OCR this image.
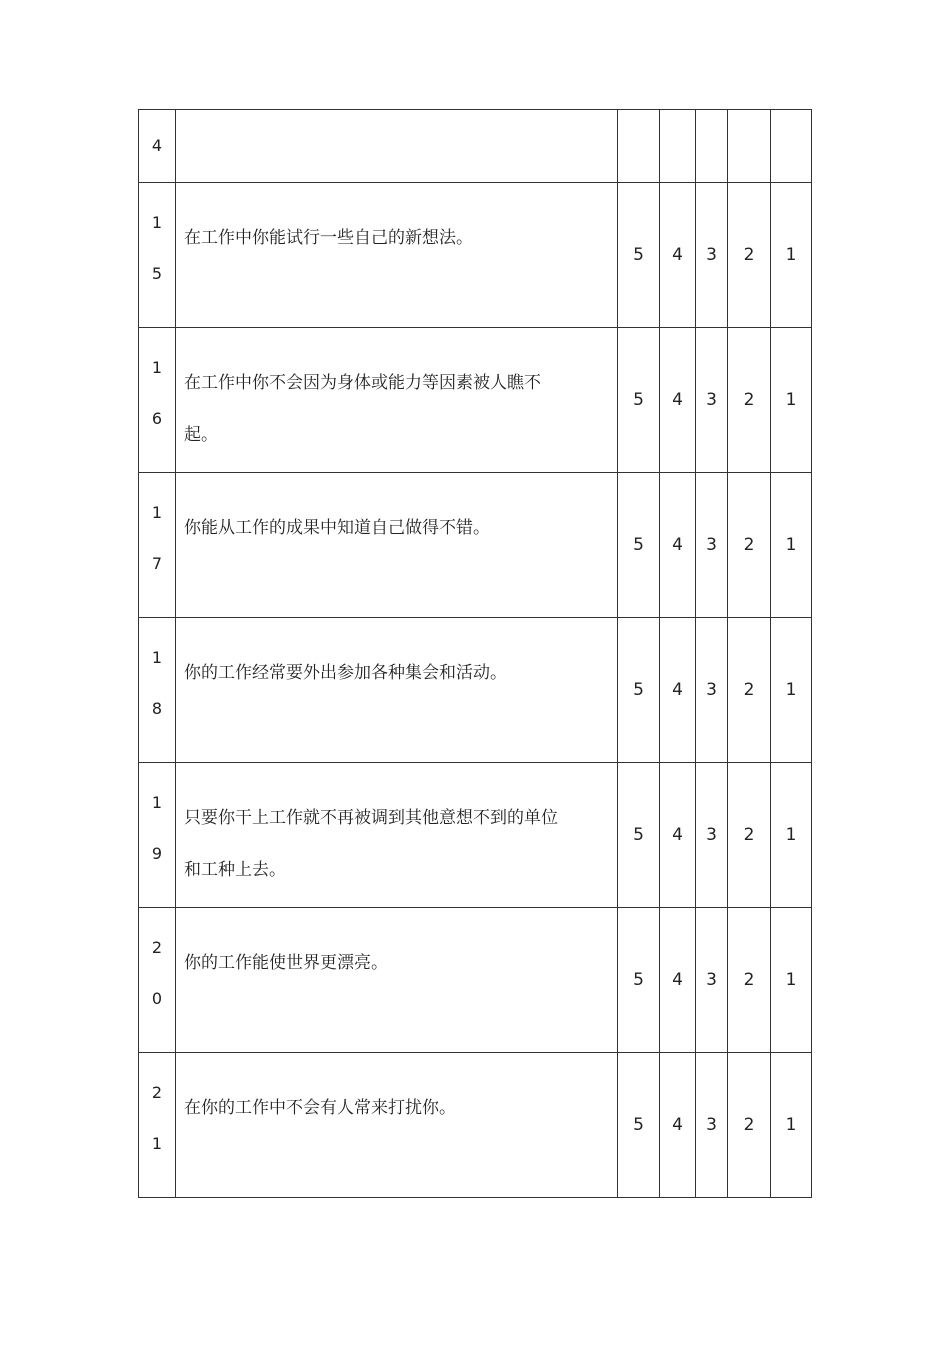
4						

1
5	在工作中你能试行一些自己的新想法。	5	4	3	2	1

1
6	在工作中你不会因为身体或能力等因素被人瞧不起。	5	4	3	2	1

1
7	你能从工作的成果中知道自己做得不错。	5	4	3	2	1

1
8	你的工作经常要外出参加各种集会和活动。	5	4	3	2	1

1
9	只要你干上工作就不再被调到其他意想不到的单位和工种上去。	5	4	3	2	1

2
0	你的工作能使世界更漂亮。	5	4	3	2	1

2
1	在你的工作中不会有人常来打扰你。	5	4	3	2	1
